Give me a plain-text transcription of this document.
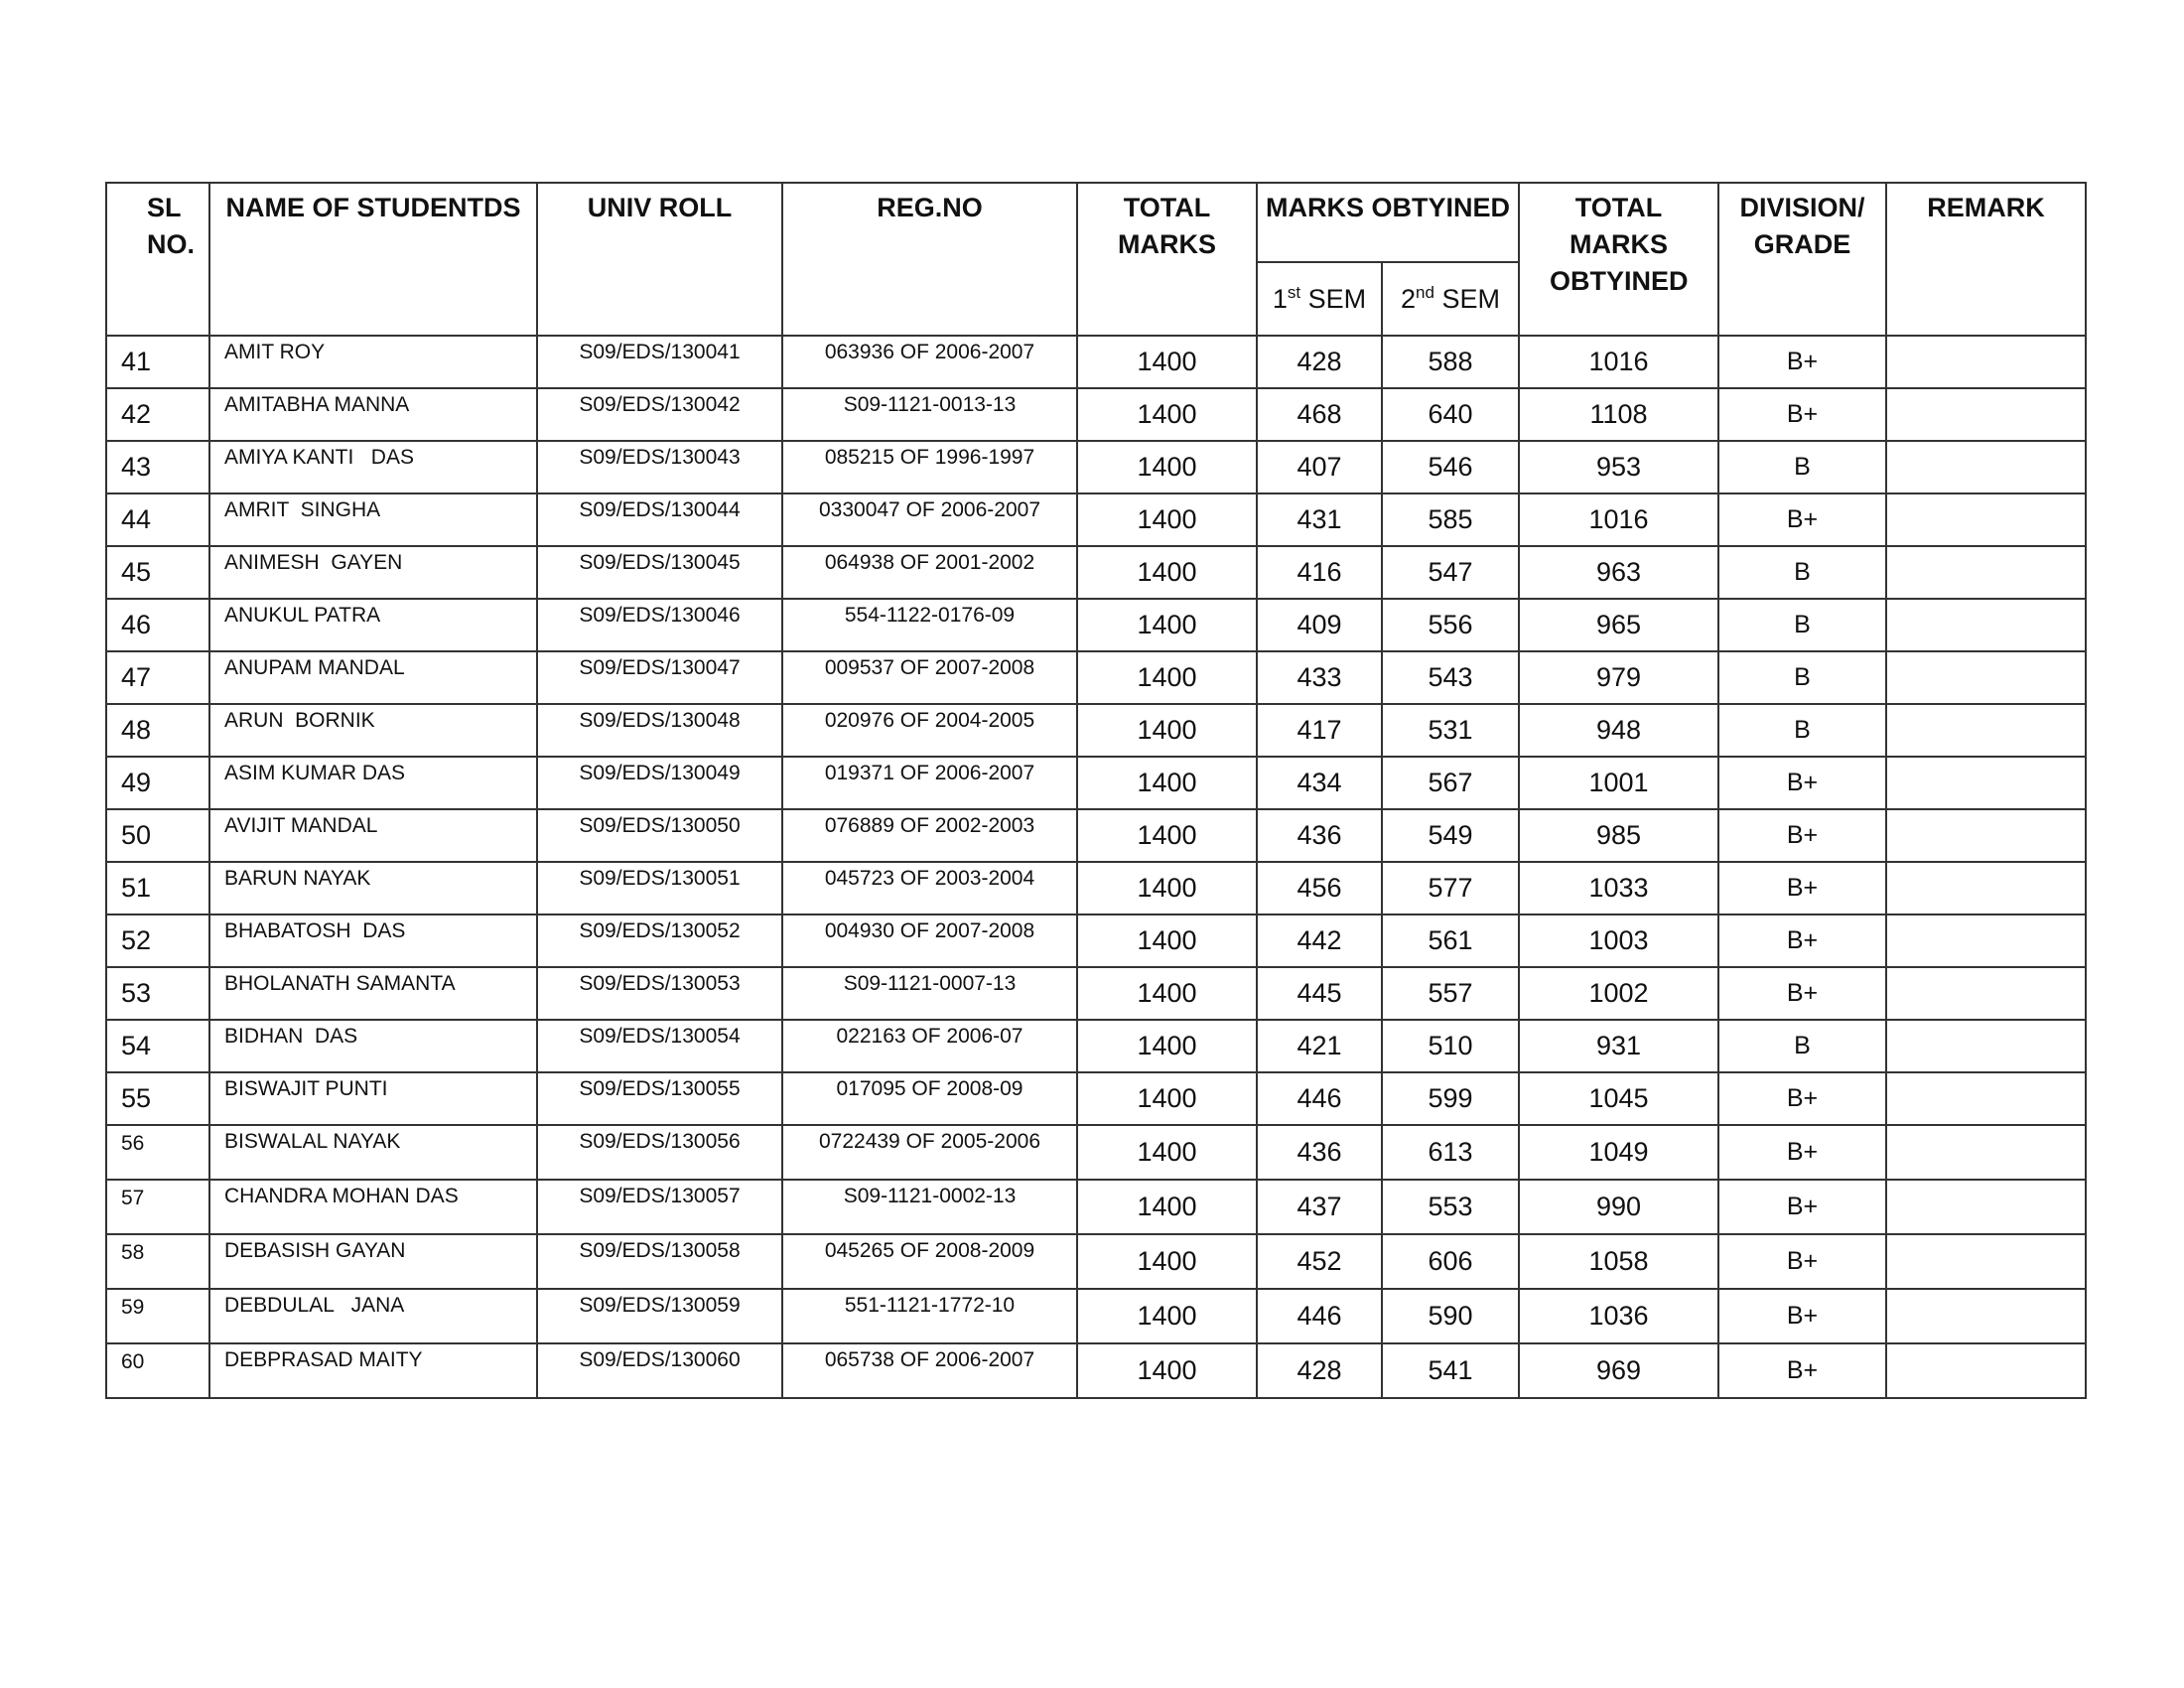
SL NO.	NAME OF STUDENTDS	UNIV ROLL	REG.NO	TOTAL MARKS	MARKS OBTYINED		TOTAL MARKS OBTYINED	DIVISION/ GRADE	REMARK
					1st SEM	2nd SEM			
41	AMIT ROY	S09/EDS/130041	063936 OF 2006-2007	1400	428	588	1016	B+	
42	AMITABHA MANNA	S09/EDS/130042	S09-1121-0013-13	1400	468	640	1108	B+	
43	AMIYA KANTI   DAS	S09/EDS/130043	085215 OF 1996-1997	1400	407	546	953	B	
44	AMRIT  SINGHA	S09/EDS/130044	0330047 OF 2006-2007	1400	431	585	1016	B+	
45	ANIMESH  GAYEN	S09/EDS/130045	064938 OF 2001-2002	1400	416	547	963	B	
46	ANUKUL PATRA	S09/EDS/130046	554-1122-0176-09	1400	409	556	965	B	
47	ANUPAM MANDAL	S09/EDS/130047	009537 OF 2007-2008	1400	433	543	979	B	
48	ARUN  BORNIK	S09/EDS/130048	020976 OF 2004-2005	1400	417	531	948	B	
49	ASIM KUMAR DAS	S09/EDS/130049	019371 OF 2006-2007	1400	434	567	1001	B+	
50	AVIJIT MANDAL	S09/EDS/130050	076889 OF 2002-2003	1400	436	549	985	B+	
51	BARUN NAYAK	S09/EDS/130051	045723 OF 2003-2004	1400	456	577	1033	B+	
52	BHABATOSH  DAS	S09/EDS/130052	004930 OF 2007-2008	1400	442	561	1003	B+	
53	BHOLANATH SAMANTA	S09/EDS/130053	S09-1121-0007-13	1400	445	557	1002	B+	
54	BIDHAN  DAS	S09/EDS/130054	022163 OF 2006-07	1400	421	510	931	B	
55	BISWAJIT PUNTI	S09/EDS/130055	017095 OF 2008-09	1400	446	599	1045	B+	
56	BISWALAL NAYAK	S09/EDS/130056	0722439 OF 2005-2006	1400	436	613	1049	B+	
57	CHANDRA MOHAN DAS	S09/EDS/130057	S09-1121-0002-13	1400	437	553	990	B+	
58	DEBASISH GAYAN	S09/EDS/130058	045265 OF 2008-2009	1400	452	606	1058	B+	
59	DEBDULAL   JANA	S09/EDS/130059	551-1121-1772-10	1400	446	590	1036	B+	
60	DEBPRASAD MAITY	S09/EDS/130060	065738 OF 2006-2007	1400	428	541	969	B+	
